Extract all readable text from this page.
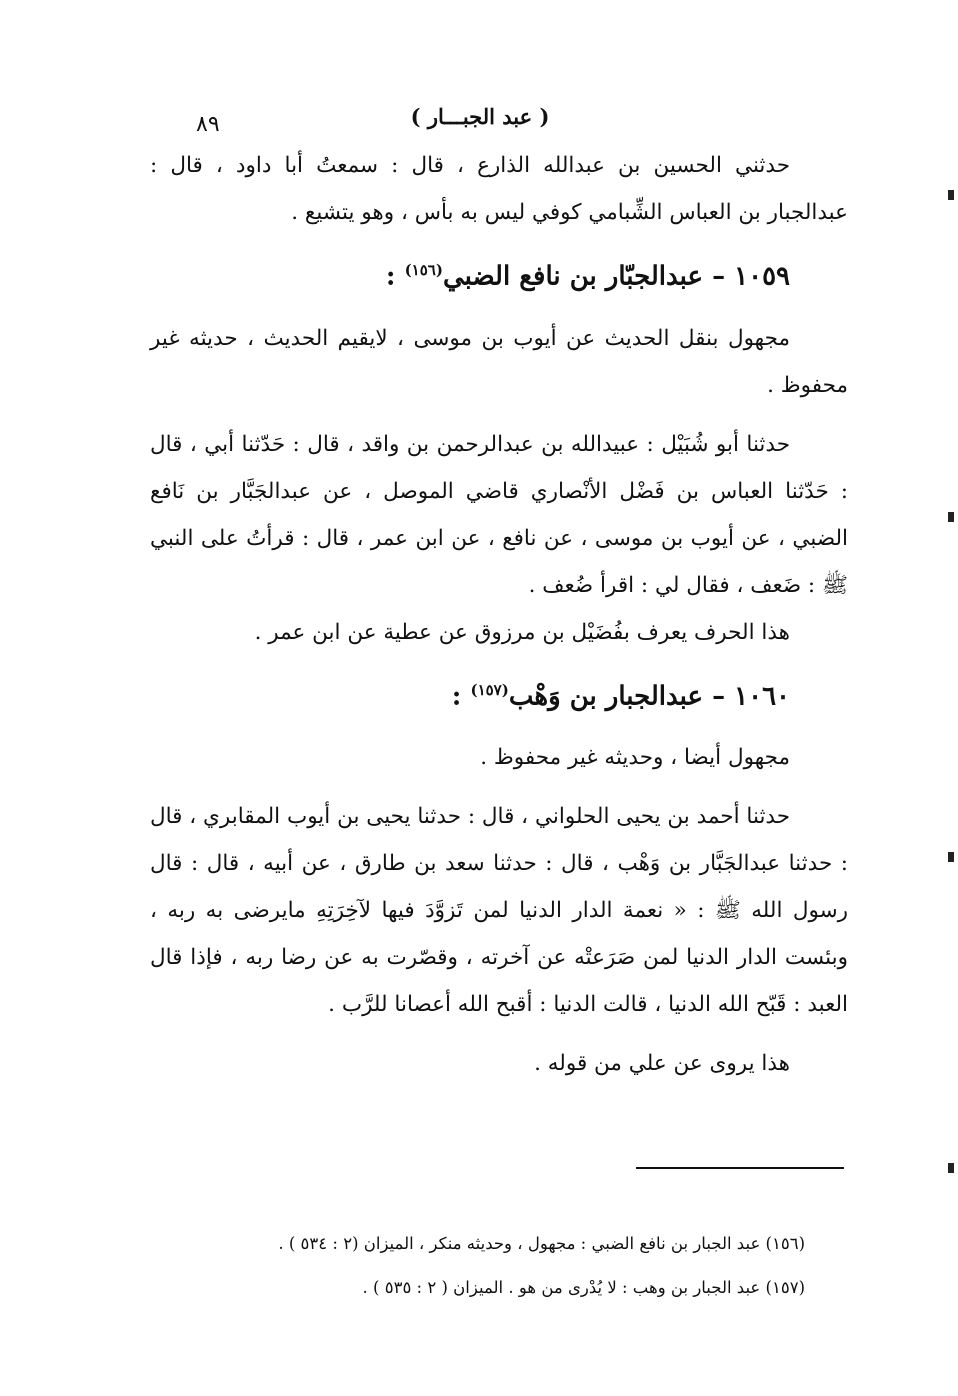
٨٩	( عبد الجبـــار )

حدثني الحسين بن عبدالله الذارع ، قال : سمعتُ أبا داود ، قال : عبدالجبار بن العباس الشِّبامي كوفي ليس به بأس ، وهو يتشيع .

١٠٥٩ – عبدالجبّار بن نافع الضبي$^{(١٥٦)}$ :

مجهول بنقل الحديث عن أيوب بن موسى ، لايقيم الحديث ، حديثه غير محفوظ .

حدثنا أبو شُبَيْل : عبيدالله بن عبدالرحمن بن واقد ، قال : حَدّثنا أبي ، قال : حَدّثنا العباس بن فَضْل الأنْصاري قاضي الموصل ، عن عبدالجَبَّار بن نَافع الضبي ، عن أيوب بن موسى ، عن نافع ، عن ابن عمر ، قال : قرأتُ على النبي ﷺ : ضَعف ، فقال لي : اقرأ ضُعف .

هذا الحرف يعرف بفُضَيْل بن مرزوق عن عطية عن ابن عمر .

١٠٦٠ – عبدالجبار بن وَهْب$^{(١٥٧)}$ :

مجهول أيضا ، وحديثه غير محفوظ .

حدثنا أحمد بن يحيى الحلواني ، قال : حدثنا يحيى بن أيوب المقابري ، قال : حدثنا عبدالجَبَّار بن وَهْب ، قال : حدثنا سعد بن طارق ، عن أبيه ، قال : قال رسول الله ﷺ : « نعمة الدار الدنيا لمن تَزوَّدَ فيها لآخِرَتِهِ مايرضى به ربه ، وبئست الدار الدنيا لمن صَرَعتْه عن آخرته ، وقصّرت به عن رضا ربه ، فإذا قال العبد : قَبّح الله الدنيا ، قالت الدنيا : أقبح الله أعصانا للرَّب .

هذا يروى عن علي من قوله .

(١٥٦) عبد الجبار بن نافع الضبي : مجهول ، وحديثه منكر ، الميزان (٢ : ٥٣٤ ) .

(١٥٧) عبد الجبار بن وهب : لا يُدْرى من هو . الميزان ( ٢ : ٥٣٥ ) .
